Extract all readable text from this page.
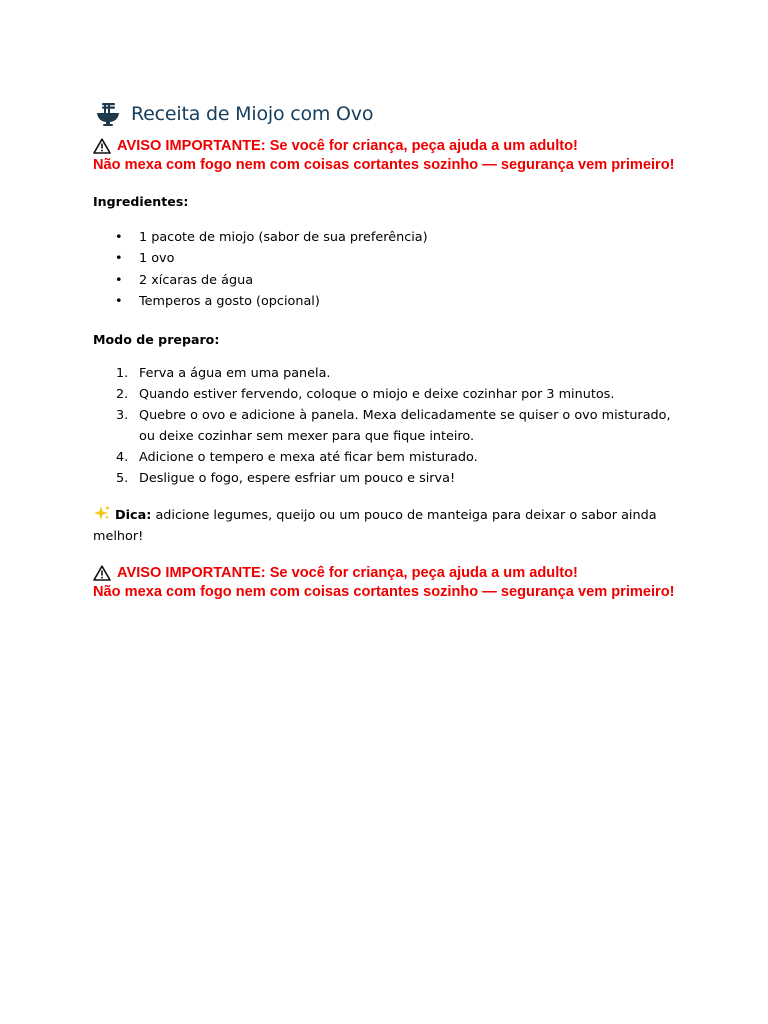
Receita de Miojo com Ovo
AVISO IMPORTANTE: Se você for criança, peça ajuda a um adulto!
Não mexa com fogo nem com coisas cortantes sozinho — segurança vem primeiro!
Ingredientes:
• 1 pacote de miojo (sabor de sua preferência)
• 1 ovo
• 2 xícaras de água
• Temperos a gosto (opcional)
Modo de preparo:
1. Ferva a água em uma panela.
2. Quando estiver fervendo, coloque o miojo e deixe cozinhar por 3 minutos.
3. Quebre o ovo e adicione à panela. Mexa delicadamente se quiser o ovo misturado, ou deixe cozinhar sem mexer para que fique inteiro.
4. Adicione o tempero e mexa até ficar bem misturado.
5. Desligue o fogo, espere esfriar um pouco e sirva!
Dica: adicione legumes, queijo ou um pouco de manteiga para deixar o sabor ainda melhor!
AVISO IMPORTANTE: Se você for criança, peça ajuda a um adulto!
Não mexa com fogo nem com coisas cortantes sozinho — segurança vem primeiro!
